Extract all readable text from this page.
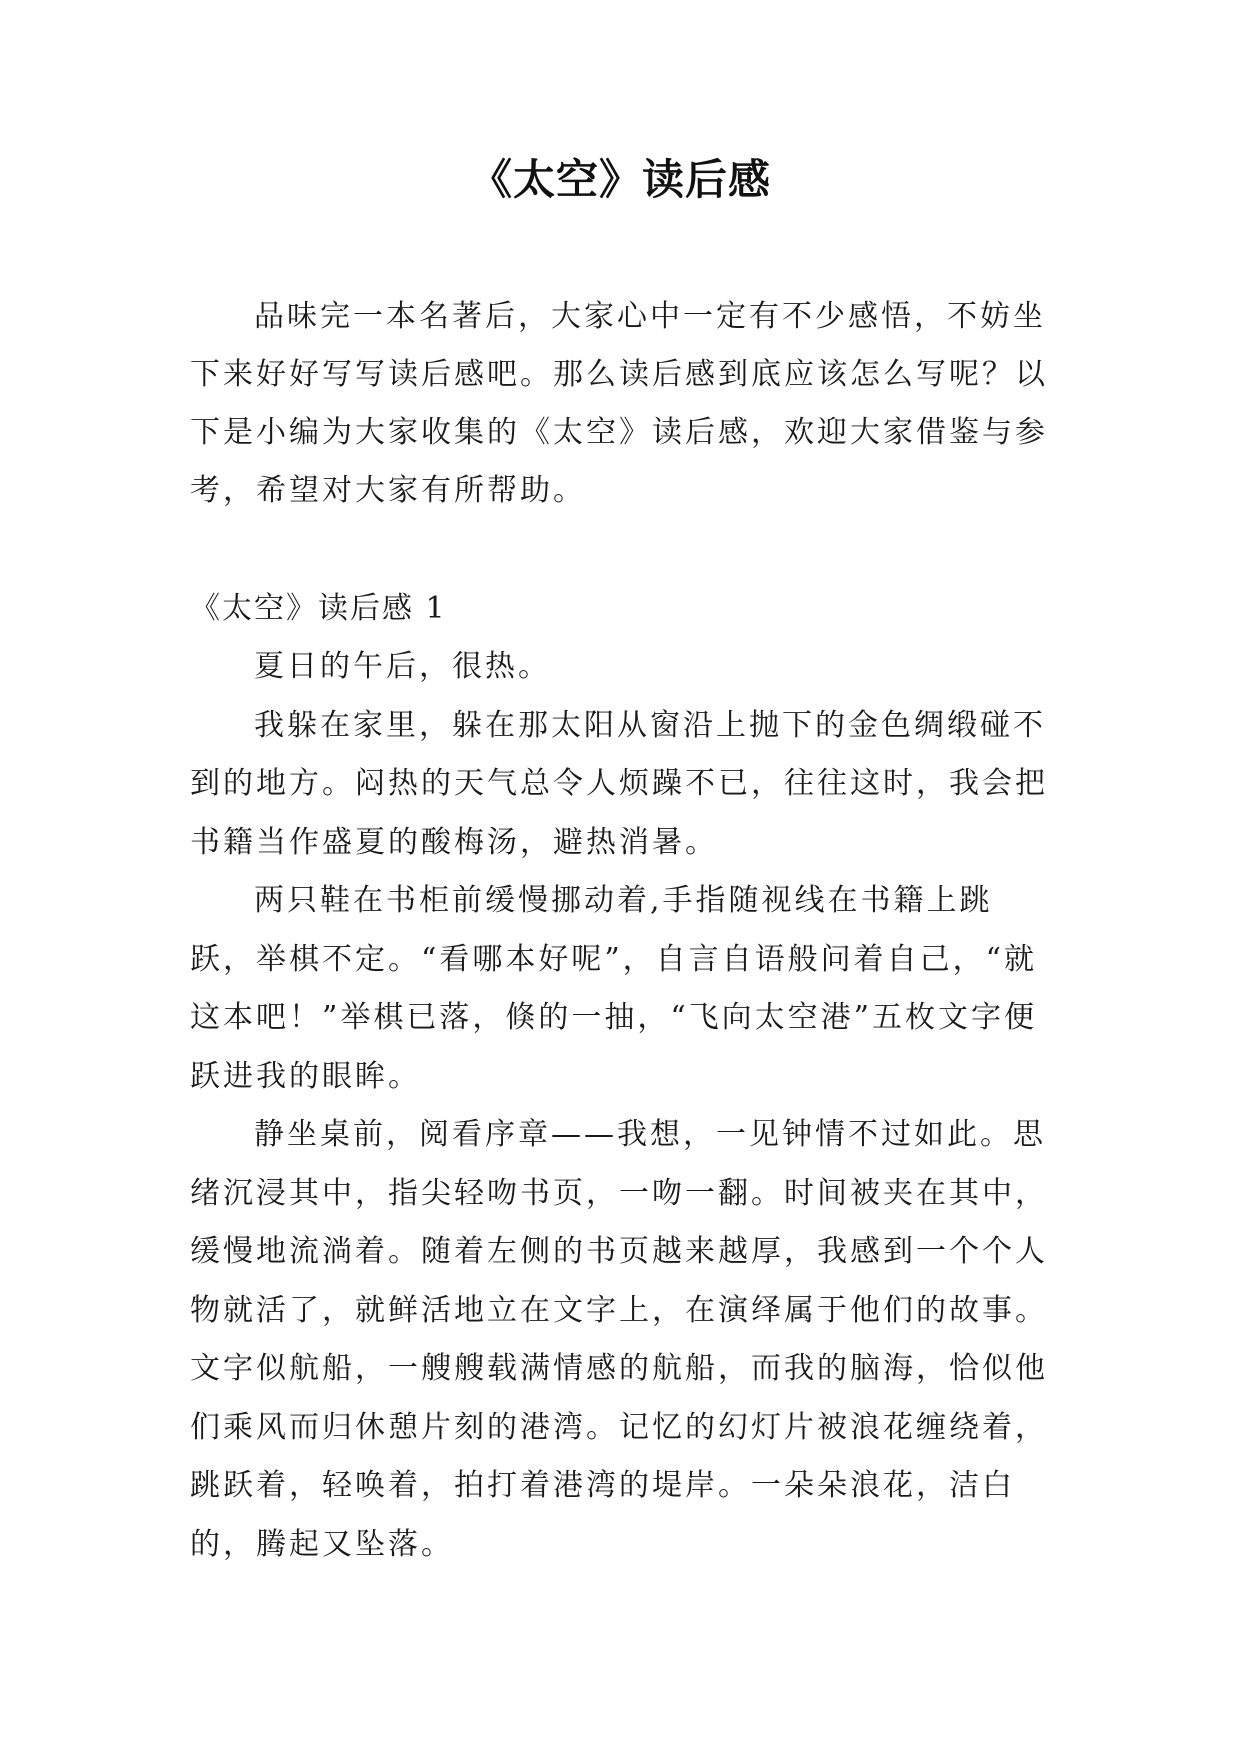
《太空》读后感

品味完一本名著后，大家心中一定有不少感悟，不妨坐下来好好写写读后感吧。那么读后感到底应该怎么写呢？以下是小编为大家收集的《太空》读后感，欢迎大家借鉴与参考，希望对大家有所帮助。

《太空》读后感 1

夏日的午后，很热。

我躲在家里，躲在那太阳从窗沿上抛下的金色绸缎碰不到的地方。闷热的天气总令人烦躁不已，往往这时，我会把书籍当作盛夏的酸梅汤，避热消暑。

两只鞋在书柜前缓慢挪动着,手指随视线在书籍上跳跃，举棋不定。“看哪本好呢”，自言自语般问着自己，“就这本吧！”举棋已落，倏的一抽，“飞向太空港”五枚文字便跃进我的眼眸。

静坐桌前，阅看序章——我想，一见钟情不过如此。思绪沉浸其中，指尖轻吻书页，一吻一翻。时间被夹在其中，缓慢地流淌着。随着左侧的书页越来越厚，我感到一个个人物就活了，就鲜活地立在文字上，在演绎属于他们的故事。文字似航船，一艘艘载满情感的航船，而我的脑海，恰似他们乘风而归休憩片刻的港湾。记忆的幻灯片被浪花缠绕着，跳跃着，轻唤着，拍打着港湾的堤岸。一朵朵浪花，洁白的，腾起又坠落。
